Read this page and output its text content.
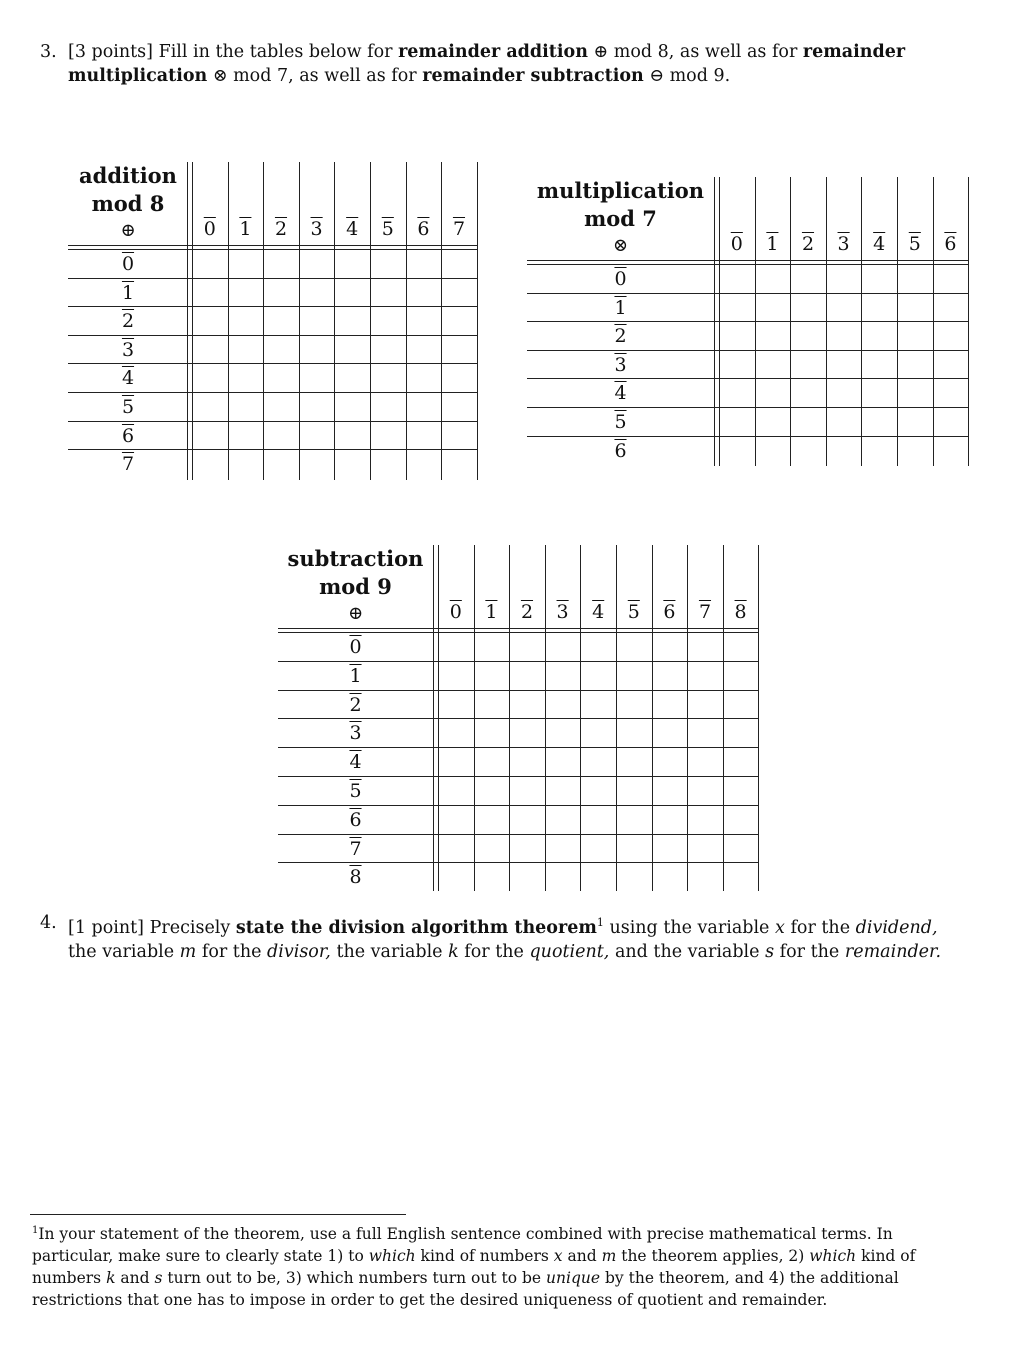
3. [3 points] Fill in the tables below for remainder addition ⊕ mod 8, as well as for remainder multiplication ⊗ mod 7, as well as for remainder subtraction ⊖ mod 9.
addition
mod 8
⊕	0	1	2	3	4	5	6	7
0
1
2
3
4
5
6
7
multiplication
mod 7
⊗	0	1	2	3	4	5	6
0
1
2
3
4
5
6
subtraction
mod 9
⊕	0	1	2	3	4	5	6	7	8
0
1
2
3
4
5
6
7
8
4. [1 point] Precisely state the division algorithm theorem$^1$ using the variable x for the dividend, the variable m for the divisor, the variable k for the quotient, and the variable s for the remainder.
$^1$In your statement of the theorem, use a full English sentence combined with precise mathematical terms. In particular, make sure to clearly state 1) to which kind of numbers x and m the theorem applies, 2) which kind of numbers k and s turn out to be, 3) which numbers turn out to be unique by the theorem, and 4) the additional restrictions that one has to impose in order to get the desired uniqueness of quotient and remainder.
